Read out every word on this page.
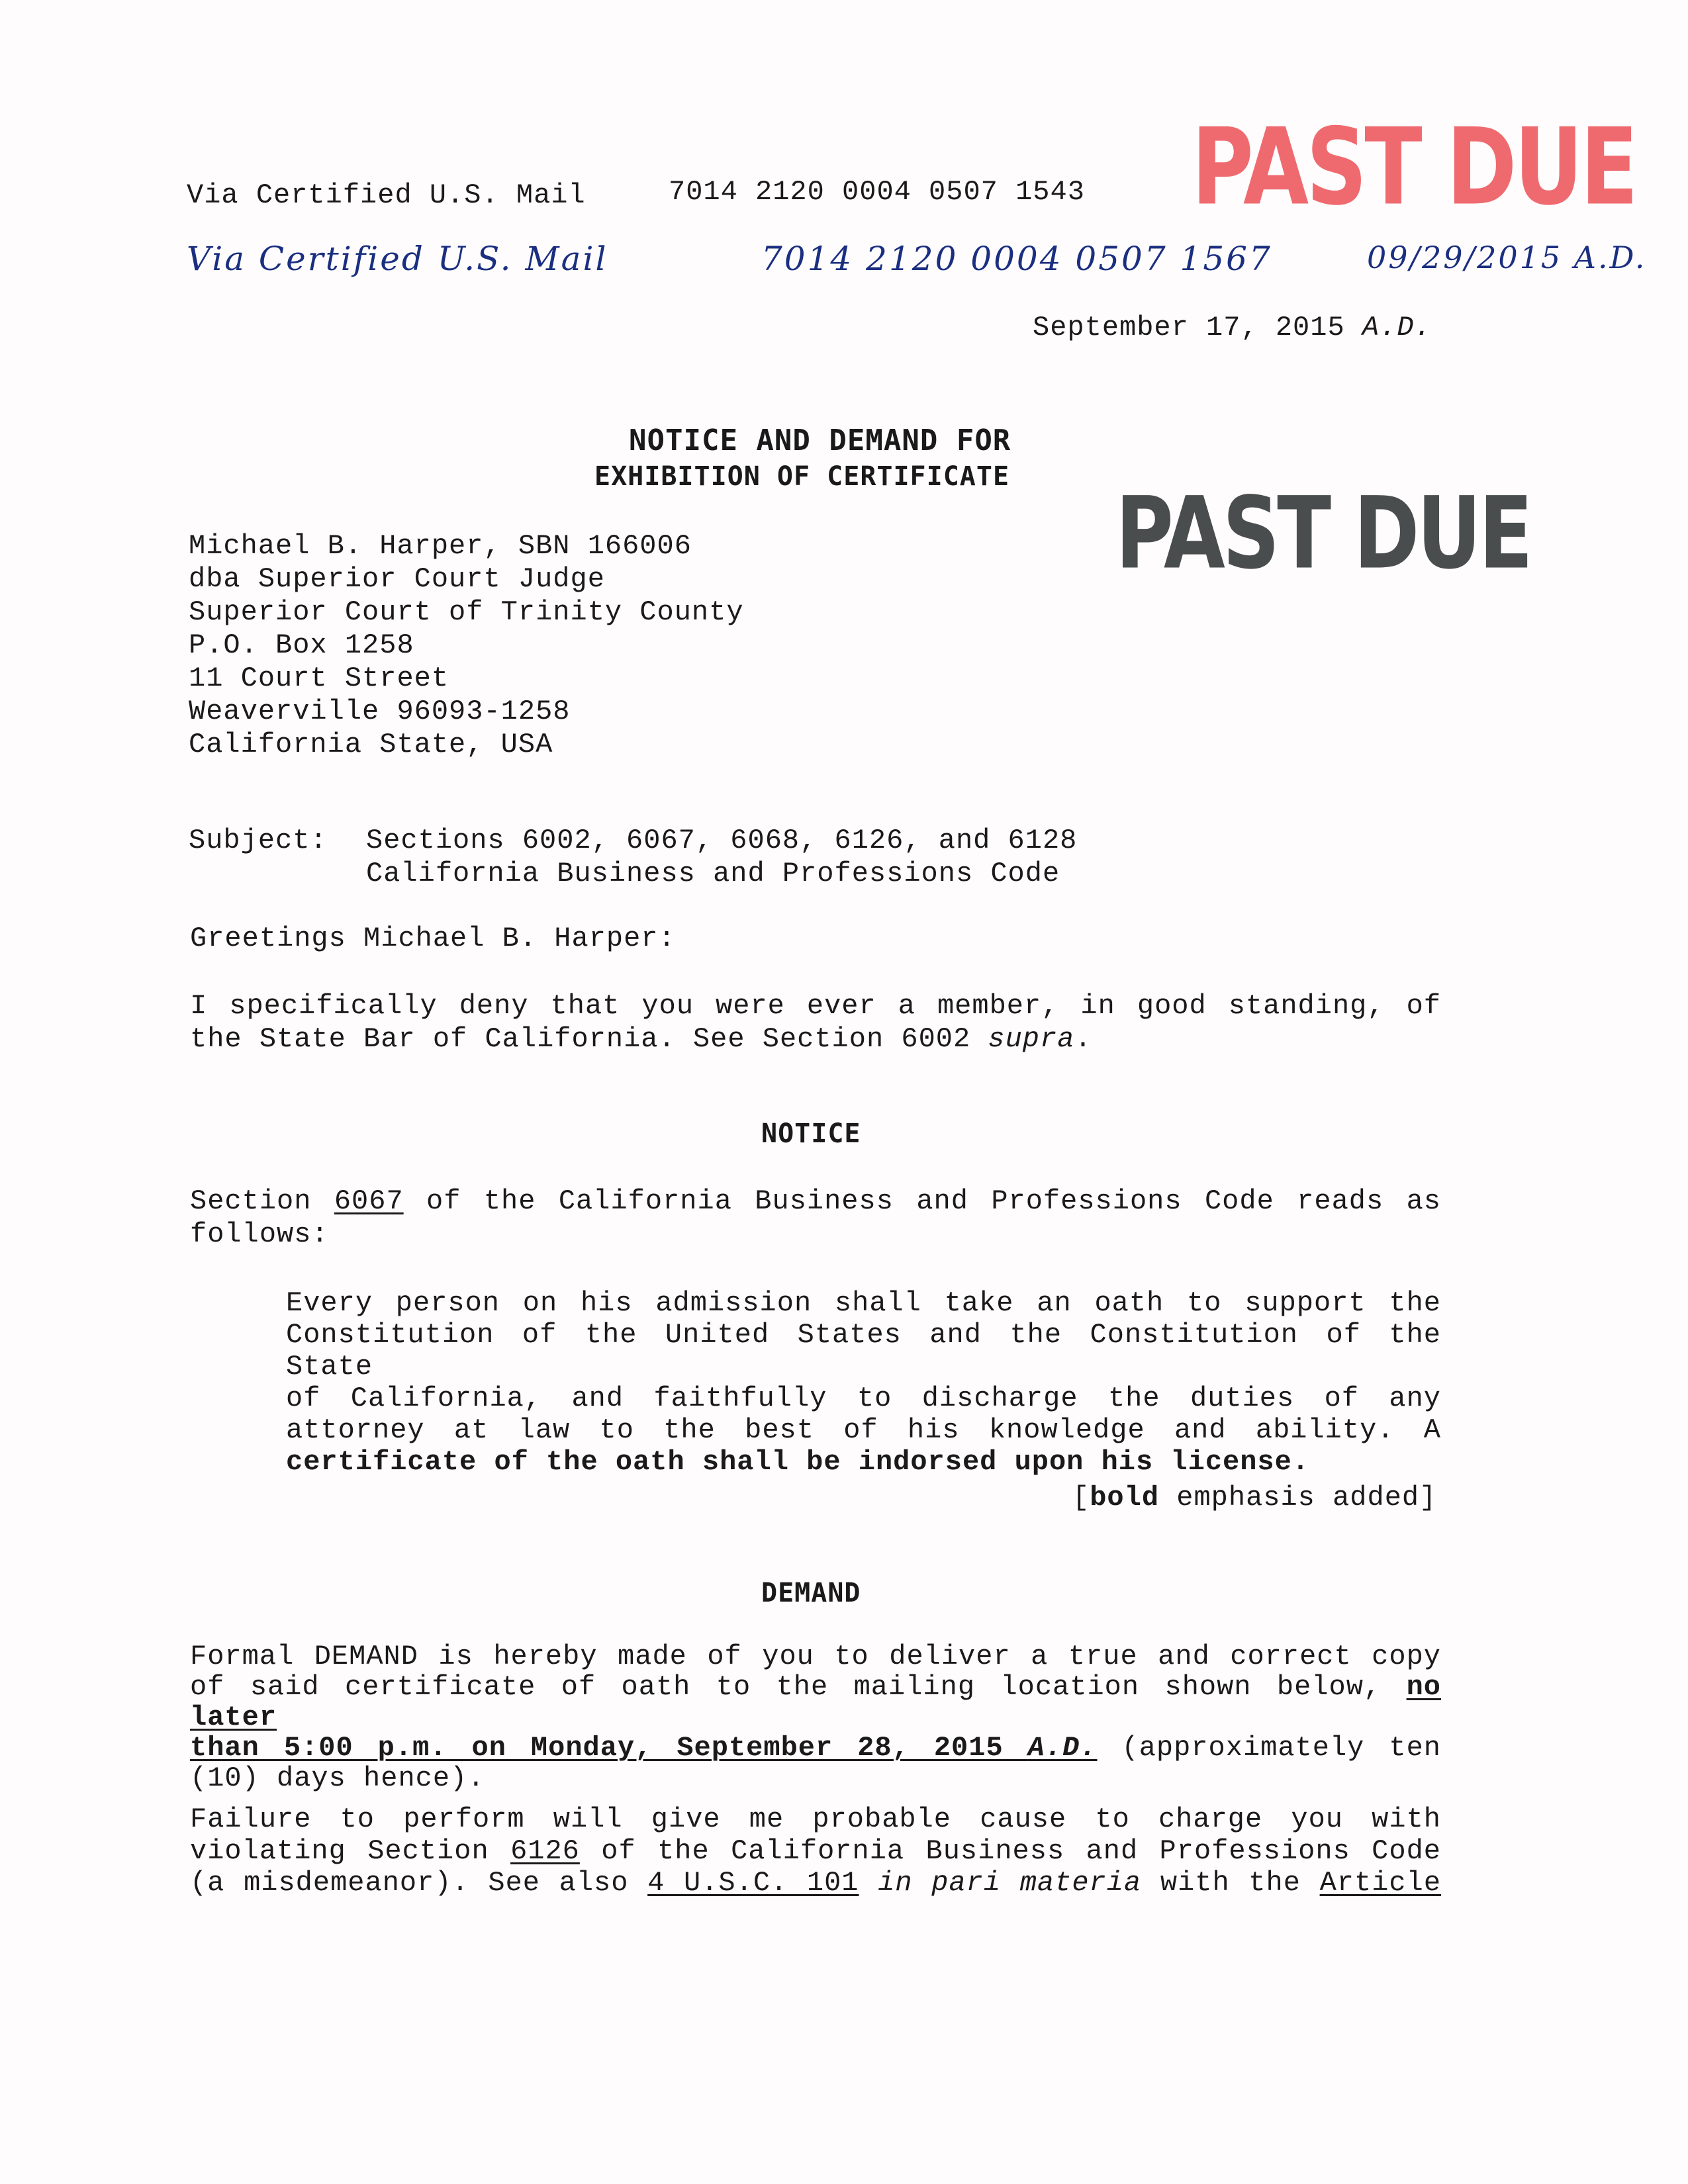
PAST DUE
PAST DUE
Via Certified U.S. Mail	7014 2120 0004 0507 1543
Via Certified U.S. Mail	7014 2120 0004 0507 1567	09/29/2015 A.D.
September 17, 2015 A.D.
NOTICE AND DEMAND FOR
EXHIBITION OF CERTIFICATE

Michael B. Harper, SBN 166006

dba Superior Court Judge

Superior Court of Trinity County

P.O. Box 1258

11 Court Street

Weaverville 96093-1258

California State, USA

Subject: Sections 6002, 6067, 6068, 6126, and 6128

California Business and Professions Code

Greetings Michael B. Harper:

I specifically deny that you were ever a member, in good standing, of

the State Bar of California. See Section 6002 supra.

NOTICE

Section 6067 of the California Business and Professions Code reads as

follows:

Every person on his admission shall take an oath to support the

Constitution of the United States and the Constitution of the State

of California, and faithfully to discharge the duties of any

attorney at law to the best of his knowledge and ability. A

certificate of the oath shall be indorsed upon his license.

[bold emphasis added]
DEMAND

Formal DEMAND is hereby made of you to deliver a true and correct copy

of said certificate of oath to the mailing location shown below, no later

than 5:00 p.m. on Monday, September 28, 2015 A.D. (approximately ten

(10) days hence).

Failure to perform will give me probable cause to charge you with

violating Section 6126 of the California Business and Professions Code

(a misdemeanor). See also 4 U.S.C. 101 in pari materia with the Article
